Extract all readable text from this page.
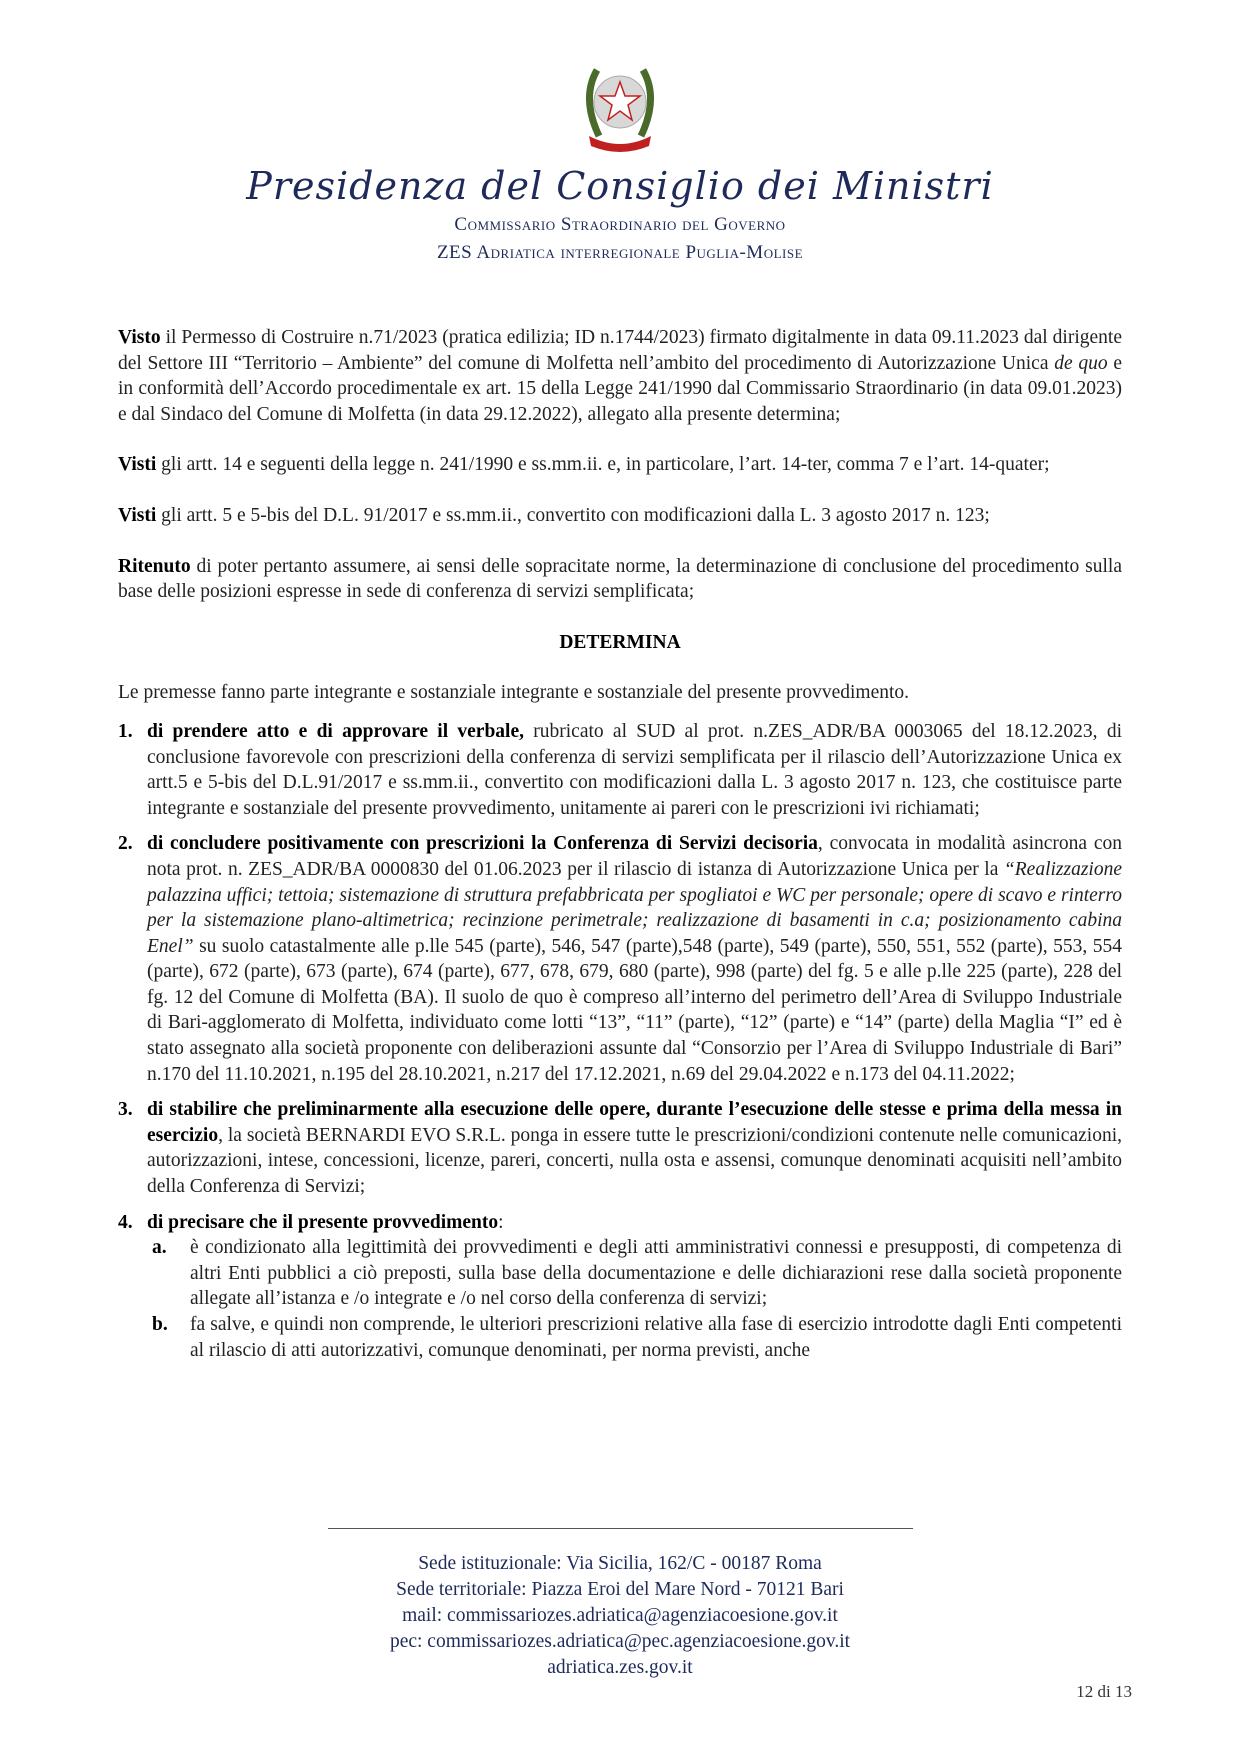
Presidenza del Consiglio dei Ministri
Commissario Straordinario del Governo
ZES Adriatica interregionale Puglia-Molise

Visto il Permesso di Costruire n.71/2023 (pratica edilizia; ID n.1744/2023) firmato digitalmente in data 09.11.2023 dal dirigente del Settore III “Territorio – Ambiente” del comune di Molfetta nell’ambito del procedimento di Autorizzazione Unica de quo e in conformità dell’Accordo procedimentale ex art. 15 della Legge 241/1990 dal Commissario Straordinario (in data 09.01.2023) e dal Sindaco del Comune di Molfetta (in data 29.12.2022), allegato alla presente determina;

Visti gli artt. 14 e seguenti della legge n. 241/1990 e ss.mm.ii. e, in particolare, l’art. 14-ter, comma 7 e l’art. 14-quater;

Visti gli artt. 5 e 5-bis del D.L. 91/2017 e ss.mm.ii., convertito con modificazioni dalla L. 3 agosto 2017 n. 123;

Ritenuto di poter pertanto assumere, ai sensi delle sopracitate norme, la determinazione di conclusione del procedimento sulla base delle posizioni espresse in sede di conferenza di servizi semplificata;

DETERMINA

Le premesse fanno parte integrante e sostanziale integrante e sostanziale del presente provvedimento.

1. di prendere atto e di approvare il verbale, rubricato al SUD al prot. n.ZES_ADR/BA 0003065 del 18.12.2023, di conclusione favorevole con prescrizioni della conferenza di servizi semplificata per il rilascio dell’Autorizzazione Unica ex artt.5 e 5-bis del D.L.91/2017 e ss.mm.ii., convertito con modificazioni dalla L. 3 agosto 2017 n. 123, che costituisce parte integrante e sostanziale del presente provvedimento, unitamente ai pareri con le prescrizioni ivi richiamati;
2. di concludere positivamente con prescrizioni la Conferenza di Servizi decisoria, convocata in modalità asincrona con nota prot. n. ZES_ADR/BA 0000830 del 01.06.2023 per il rilascio di istanza di Autorizzazione Unica per la “Realizzazione palazzina uffici; tettoia; sistemazione di struttura prefabbricata per spogliatoi e WC per personale; opere di scavo e rinterro per la sistemazione plano-altimetrica; recinzione perimetrale; realizzazione di basamenti in c.a; posizionamento cabina Enel” su suolo catastalmente alle p.lle 545 (parte), 546, 547 (parte),548 (parte), 549 (parte), 550, 551, 552 (parte), 553, 554 (parte), 672 (parte), 673 (parte), 674 (parte), 677, 678, 679, 680 (parte), 998 (parte) del fg. 5 e alle p.lle 225 (parte), 228 del fg. 12 del Comune di Molfetta (BA). Il suolo de quo è compreso all’interno del perimetro dell’Area di Sviluppo Industriale di Bari-agglomerato di Molfetta, individuato come lotti “13”, “11” (parte), “12” (parte) e “14” (parte) della Maglia “I” ed è stato assegnato alla società proponente con deliberazioni assunte dal “Consorzio per l’Area di Sviluppo Industriale di Bari” n.170 del 11.10.2021, n.195 del 28.10.2021, n.217 del 17.12.2021, n.69 del 29.04.2022 e n.173 del 04.11.2022;
3. di stabilire che preliminarmente alla esecuzione delle opere, durante l’esecuzione delle stesse e prima della messa in esercizio, la società BERNARDI EVO S.R.L. ponga in essere tutte le prescrizioni/condizioni contenute nelle comunicazioni, autorizzazioni, intese, concessioni, licenze, pareri, concerti, nulla osta e assensi, comunque denominati acquisiti nell’ambito della Conferenza di Servizi;
4. di precisare che il presente provvedimento:
a. è condizionato alla legittimità dei provvedimenti e degli atti amministrativi connessi e presupposti, di competenza di altri Enti pubblici a ciò preposti, sulla base della documentazione e delle dichiarazioni rese dalla società proponente allegate all’istanza e /o integrate e /o nel corso della conferenza di servizi;
b. fa salve, e quindi non comprende, le ulteriori prescrizioni relative alla fase di esercizio introdotte dagli Enti competenti al rilascio di atti autorizzativi, comunque denominati, per norma previsti, anche
Sede istituzionale: Via Sicilia, 162/C - 00187 Roma
Sede territoriale: Piazza Eroi del Mare Nord - 70121 Bari
mail: commissariozes.adriatica@agenziacoesione.gov.it
pec: commissariozes.adriatica@pec.agenziacoesione.gov.it
adriatica.zes.gov.it
12 di 13
